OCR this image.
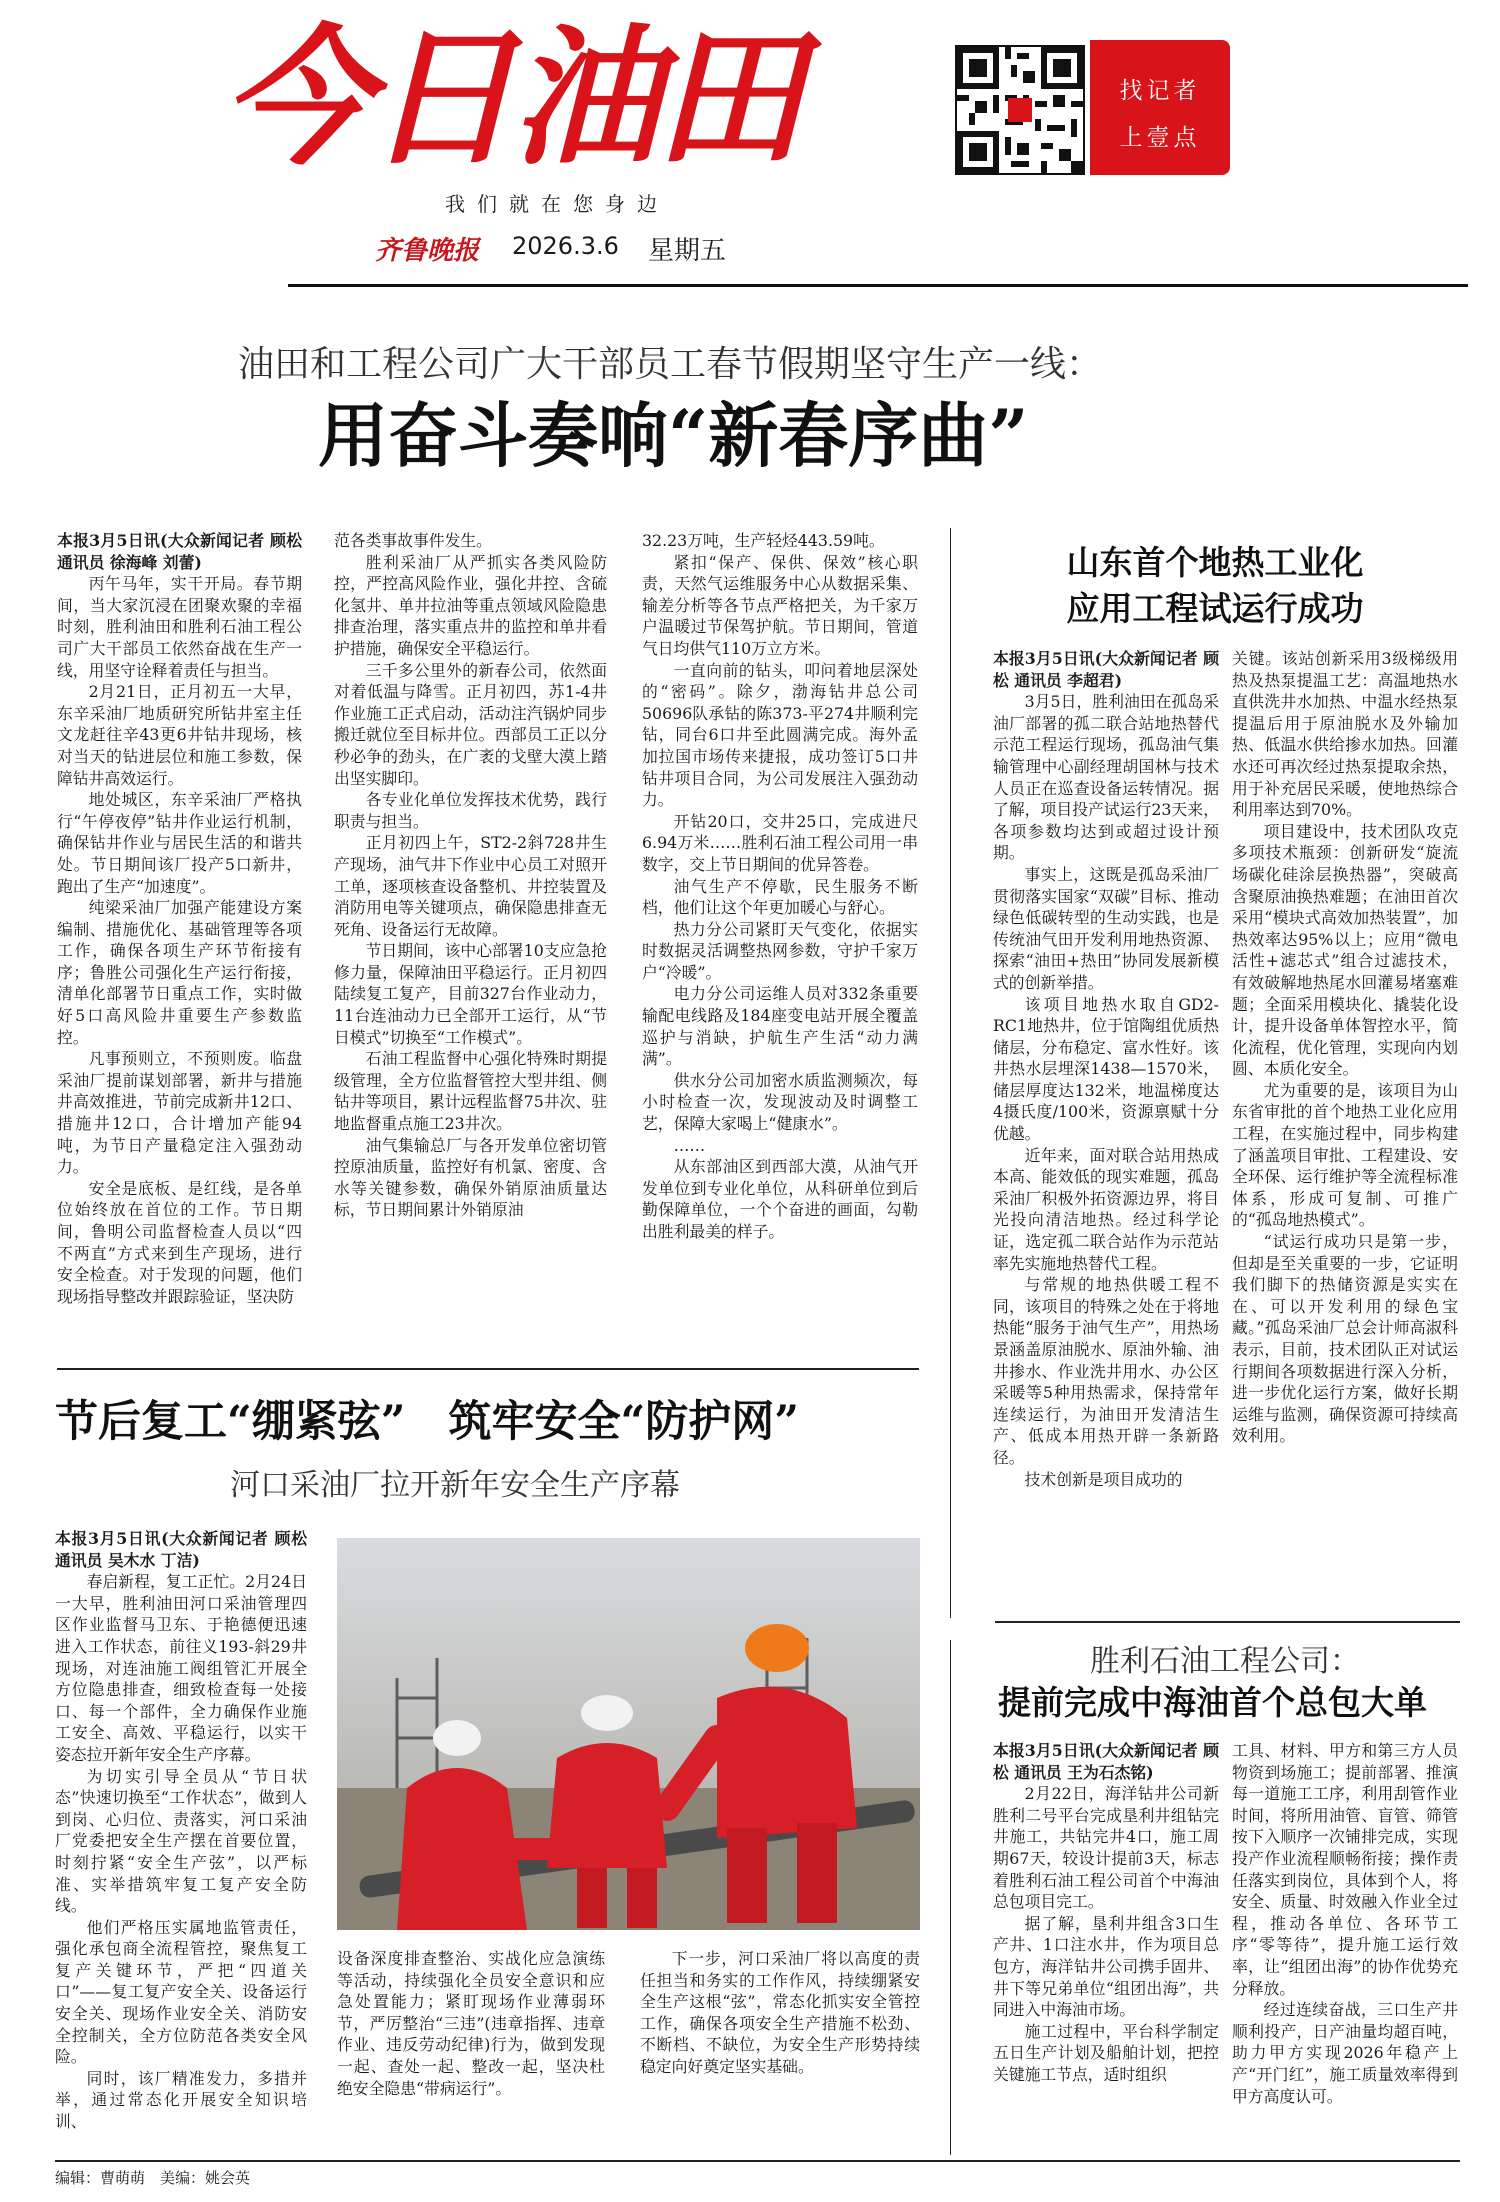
今日油田
我们就在您身边
齐鲁晚报 2026.3.6 星期五
找记者
上壹点
油田和工程公司广大干部员工春节假期坚守生产一线：
用奋斗奏响“新春序曲”

本报3月5日讯(大众新闻记者 顾松 通讯员 徐海峰 刘蕾)

丙午马年，实干开局。春节期间，当大家沉浸在团聚欢聚的幸福时刻，胜利油田和胜利石油工程公司广大干部员工依然奋战在生产一线，用坚守诠释着责任与担当。

2月21日，正月初五一大早，东辛采油厂地质研究所钻井室主任文龙赶往辛43更6井钻井现场，核对当天的钻进层位和施工参数，保障钻井高效运行。

地处城区，东辛采油厂严格执行“午停夜停”钻井作业运行机制，确保钻井作业与居民生活的和谐共处。节日期间该厂投产5口新井，跑出了生产“加速度”。

纯梁采油厂加强产能建设方案编制、措施优化、基础管理等各项工作，确保各项生产环节衔接有序；鲁胜公司强化生产运行衔接，清单化部署节日重点工作，实时做好5口高风险井重要生产参数监控。

凡事预则立，不预则废。临盘采油厂提前谋划部署，新井与措施井高效推进，节前完成新井12口、措施井12口，合计增加产能94吨，为节日产量稳定注入强劲动力。

安全是底板、是红线，是各单位始终放在首位的工作。节日期间，鲁明公司监督检查人员以“四不两直”方式来到生产现场，进行安全检查。对于发现的问题，他们现场指导整改并跟踪验证，坚决防

范各类事故事件发生。

胜利采油厂从严抓实各类风险防控，严控高风险作业，强化井控、含硫化氢井、单井拉油等重点领域风险隐患排查治理，落实重点井的监控和单井看护措施，确保安全平稳运行。

三千多公里外的新春公司，依然面对着低温与降雪。正月初四，苏1-4井作业施工正式启动，活动注汽锅炉同步搬迁就位至目标井位。西部员工正以分秒必争的劲头，在广袤的戈壁大漠上踏出坚实脚印。

各专业化单位发挥技术优势，践行职责与担当。

正月初四上午，ST2-2斜728井生产现场，油气井下作业中心员工对照开工单，逐项核查设备整机、井控装置及消防用电等关键项点，确保隐患排查无死角、设备运行无故障。

节日期间，该中心部署10支应急抢修力量，保障油田平稳运行。正月初四陆续复工复产，目前327台作业动力，11台连油动力已全部开工运行，从“节日模式”切换至“工作模式”。

石油工程监督中心强化特殊时期提级管理，全方位监督管控大型井组、侧钻井等项目，累计远程监督75井次、驻地监督重点施工23井次。

油气集输总厂与各开发单位密切管控原油质量，监控好有机氯、密度、含水等关键参数，确保外销原油质量达标，节日期间累计外销原油

32.23万吨，生产轻烃443.59吨。

紧扣“保产、保供、保效”核心职责，天然气运维服务中心从数据采集、输差分析等各节点严格把关，为千家万户温暖过节保驾护航。节日期间，管道气日均供气110万立方米。

一直向前的钻头，叩问着地层深处的“密码”。除夕，渤海钻井总公司50696队承钻的陈373-平274井顺利完钻，同台6口井至此圆满完成。海外孟加拉国市场传来捷报，成功签订5口井钻井项目合同，为公司发展注入强劲动力。

开钻20口，交井25口，完成进尺6.94万米……胜利石油工程公司用一串数字，交上节日期间的优异答卷。

油气生产不停歇，民生服务不断档，他们让这个年更加暖心与舒心。

热力分公司紧盯天气变化，依据实时数据灵活调整热网参数，守护千家万户“冷暖”。

电力分公司运维人员对332条重要输配电线路及184座变电站开展全覆盖巡护与消缺，护航生产生活“动力满满”。

供水分公司加密水质监测频次，每小时检查一次，发现波动及时调整工艺，保障大家喝上“健康水”。

……

从东部油区到西部大漠，从油气开发单位到专业化单位，从科研单位到后勤保障单位，一个个奋进的画面，勾勒出胜利最美的样子。

山东首个地热工业化
应用工程试运行成功

本报3月5日讯(大众新闻记者 顾松 通讯员 李超君)

3月5日，胜利油田在孤岛采油厂部署的孤二联合站地热替代示范工程运行现场，孤岛油气集输管理中心副经理胡国林与技术人员正在巡查设备运转情况。据了解，项目投产试运行23天来，各项参数均达到或超过设计预期。

事实上，这既是孤岛采油厂贯彻落实国家“双碳”目标、推动绿色低碳转型的生动实践，也是传统油气田开发利用地热资源、探索“油田+热田”协同发展新模式的创新举措。

该项目地热水取自GD2-RC1地热井，位于馆陶组优质热储层，分布稳定、富水性好。该井热水层埋深1438—1570米，储层厚度达132米，地温梯度达4摄氏度/100米，资源禀赋十分优越。

近年来，面对联合站用热成本高、能效低的现实难题，孤岛采油厂积极外拓资源边界，将目光投向清洁地热。经过科学论证，选定孤二联合站作为示范站率先实施地热替代工程。

与常规的地热供暖工程不同，该项目的特殊之处在于将地热能“服务于油气生产”，用热场景涵盖原油脱水、原油外输、油井掺水、作业洗井用水、办公区采暖等5种用热需求，保持常年连续运行，为油田开发清洁生产、低成本用热开辟一条新路径。

技术创新是项目成功的

关键。该站创新采用3级梯级用热及热泵提温工艺：高温地热水直供洗井水加热、中温水经热泵提温后用于原油脱水及外输加热、低温水供给掺水加热。回灌水还可再次经过热泵提取余热，用于补充居民采暖，使地热综合利用率达到70%。

项目建设中，技术团队攻克多项技术瓶颈：创新研发“旋流场碳化硅涂层换热器”，突破高含聚原油换热难题；在油田首次采用“模块式高效加热装置”，加热效率达95%以上；应用“微电活性+滤芯式”组合过滤技术，有效破解地热尾水回灌易堵塞难题；全面采用模块化、撬装化设计，提升设备单体智控水平，简化流程，优化管理，实现向内划圆、本质化安全。

尤为重要的是，该项目为山东省审批的首个地热工业化应用工程，在实施过程中，同步构建了涵盖项目审批、工程建设、安全环保、运行维护等全流程标准体系，形成可复制、可推广的“孤岛地热模式”。

“试运行成功只是第一步，但却是至关重要的一步，它证明我们脚下的热储资源是实实在在、可以开发利用的绿色宝藏。”孤岛采油厂总会计师高淑科表示，目前，技术团队正对试运行期间各项数据进行深入分析，进一步优化运行方案，做好长期运维与监测，确保资源可持续高效利用。

节后复工“绷紧弦”　筑牢安全“防护网”
河口采油厂拉开新年安全生产序幕

本报3月5日讯(大众新闻记者 顾松 通讯员 吴木水 丁洁)

春启新程，复工正忙。2月24日一大早，胜利油田河口采油管理四区作业监督马卫东、于艳德便迅速进入工作状态，前往义193-斜29井现场，对连油施工阀组管汇开展全方位隐患排查，细致检查每一处接口、每一个部件，全力确保作业施工安全、高效、平稳运行，以实干姿态拉开新年安全生产序幕。

为切实引导全员从“节日状态”快速切换至“工作状态”，做到人到岗、心归位、责落实，河口采油厂党委把安全生产摆在首要位置，时刻拧紧“安全生产弦”，以严标准、实举措筑牢复工复产安全防线。

他们严格压实属地监管责任，强化承包商全流程管控，聚焦复工复产关键环节，严把“四道关口”——复工复产安全关、设备运行安全关、现场作业安全关、消防安全控制关，全方位防范各类安全风险。

同时，该厂精准发力，多措并举，通过常态化开展安全知识培训、

设备深度排查整治、实战化应急演练等活动，持续强化全员安全意识和应急处置能力；紧盯现场作业薄弱环节，严厉整治“三违”(违章指挥、违章作业、违反劳动纪律)行为，做到发现一起、查处一起、整改一起，坚决杜绝安全隐患“带病运行”。

下一步，河口采油厂将以高度的责任担当和务实的工作作风，持续绷紧安全生产这根“弦”，常态化抓实安全管控工作，确保各项安全生产措施不松劲、不断档、不缺位，为安全生产形势持续稳定向好奠定坚实基础。

胜利石油工程公司：
提前完成中海油首个总包大单

本报3月5日讯(大众新闻记者 顾松 通讯员 王为石杰铭)

2月22日，海洋钻井公司新胜利二号平台完成垦利井组钻完井施工，共钻完井4口，施工周期67天，较设计提前3天，标志着胜利石油工程公司首个中海油总包项目完工。

据了解，垦利井组含3口生产井、1口注水井，作为项目总包方，海洋钻井公司携手固井、井下等兄弟单位“组团出海”，共同进入中海油市场。

施工过程中，平台科学制定五日生产计划及船舶计划，把控关键施工节点，适时组织

工具、材料、甲方和第三方人员物资到场施工；提前部署、推演每一道施工工序，利用刮管作业时间，将所用油管、盲管、筛管按下入顺序一次铺排完成，实现投产作业流程顺畅衔接；操作责任落实到岗位，具体到个人，将安全、质量、时效融入作业全过程，推动各单位、各环节工序“零等待”，提升施工运行效率，让“组团出海”的协作优势充分释放。

经过连续奋战，三口生产井顺利投产，日产油量均超百吨，助力甲方实现2026年稳产上产“开门红”，施工质量效率得到甲方高度认可。

编辑：曹萌萌　美编：姚会英
